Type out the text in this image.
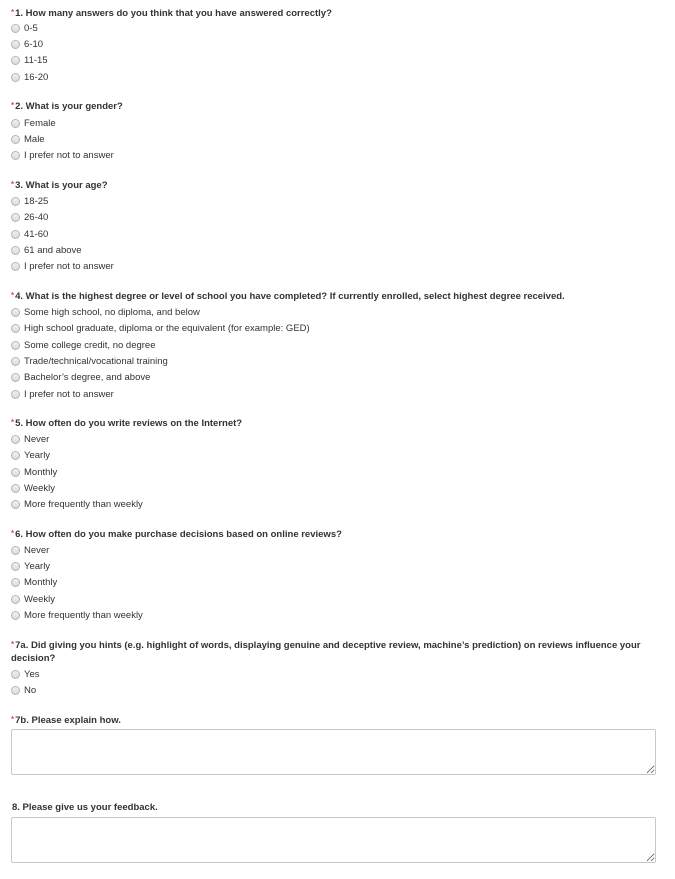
*1. How many answers do you think that you have answered correctly?

0-5
6-10
11-15
16-20

*2. What is your gender?

Female
Male
I prefer not to answer

*3. What is your age?

18-25
26-40
41-60
61 and above
I prefer not to answer

*4. What is the highest degree or level of school you have completed? If currently enrolled, select highest degree received.

Some high school, no diploma, and below
High school graduate, diploma or the equivalent (for example: GED)
Some college credit, no degree
Trade/technical/vocational training
Bachelor’s degree, and above
I prefer not to answer

*5. How often do you write reviews on the Internet?

Never
Yearly
Monthly
Weekly
More frequently than weekly

*6. How often do you make purchase decisions based on online reviews?

Never
Yearly
Monthly
Weekly
More frequently than weekly

*7a. Did giving you hints (e.g. highlight of words, displaying genuine and deceptive review, machine’s prediction) on reviews influence your decision?

Yes
No

*7b. Please explain how.

8. Please give us your feedback.
